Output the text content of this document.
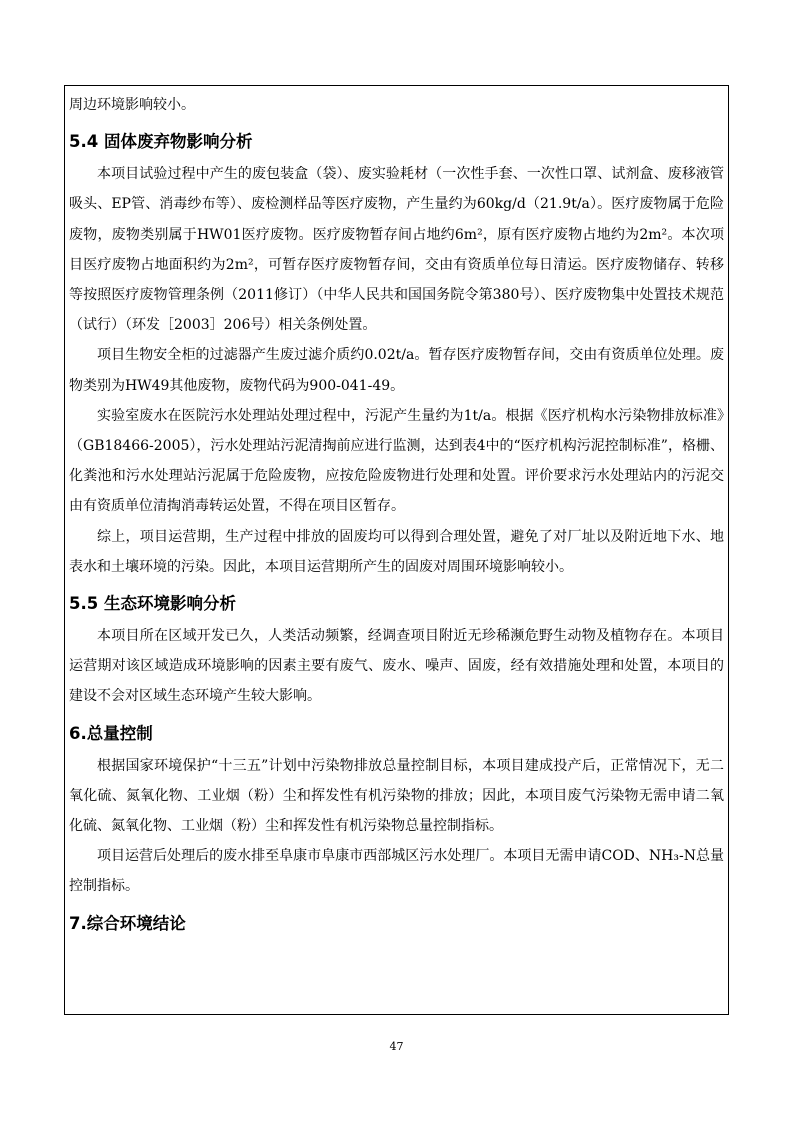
周边环境影响较小。

5.4 固体废弃物影响分析

本项目试验过程中产生的废包装盒（袋）、废实验耗材（一次性手套、一次性口罩、试剂盒、废移液管吸头、EP管、消毒纱布等）、废检测样品等医疗废物，产生量约为60kg/d（21.9t/a）。医疗废物属于危险废物，废物类别属于HW01医疗废物。医疗废物暂存间占地约6m²，原有医疗废物占地约为2m²。本次项目医疗废物占地面积约为2m²，可暂存医疗废物暂存间，交由有资质单位每日清运。医疗废物储存、转移等按照医疗废物管理条例（2011修订）（中华人民共和国国务院令第380号）、医疗废物集中处置技术规范（试行）（环发［2003］206号）相关条例处置。

项目生物安全柜的过滤器产生废过滤介质约0.02t/a。暂存医疗废物暂存间，交由有资质单位处理。废物类别为HW49其他废物，废物代码为900-041-49。

实验室废水在医院污水处理站处理过程中，污泥产生量约为1t/a。根据《医疗机构水污染物排放标准》（GB18466-2005），污水处理站污泥清掏前应进行监测，达到表4中的“医疗机构污泥控制标准”，格栅、化粪池和污水处理站污泥属于危险废物，应按危险废物进行处理和处置。评价要求污水处理站内的污泥交由有资质单位清掏消毒转运处置，不得在项目区暂存。

综上，项目运营期，生产过程中排放的固废均可以得到合理处置，避免了对厂址以及附近地下水、地表水和土壤环境的污染。因此，本项目运营期所产生的固废对周围环境影响较小。

5.5 生态环境影响分析

本项目所在区域开发已久，人类活动频繁，经调查项目附近无珍稀濒危野生动物及植物存在。本项目运营期对该区域造成环境影响的因素主要有废气、废水、噪声、固废，经有效措施处理和处置，本项目的建设不会对区域生态环境产生较大影响。

6.总量控制

根据国家环境保护“十三五”计划中污染物排放总量控制目标，本项目建成投产后，正常情况下，无二氧化硫、氮氧化物、工业烟（粉）尘和挥发性有机污染物的排放；因此，本项目废气污染物无需申请二氧化硫、氮氧化物、工业烟（粉）尘和挥发性有机污染物总量控制指标。

项目运营后处理后的废水排至阜康市阜康市西部城区污水处理厂。本项目无需申请COD、NH₃-N总量控制指标。

7.综合环境结论
47
